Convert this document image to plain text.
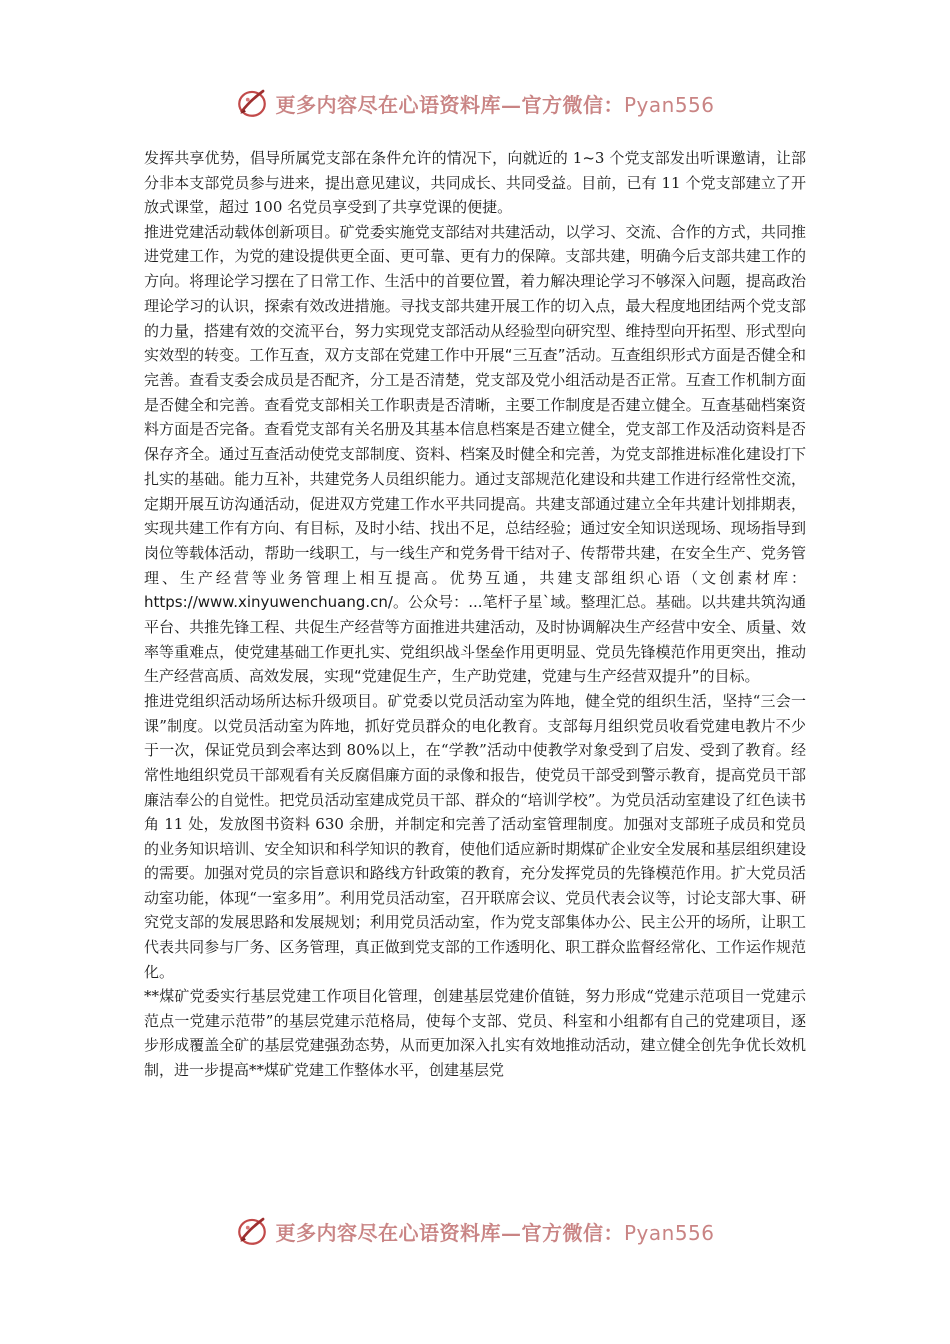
更多内容尽在心语资料库—官方微信：Pyan556

发挥共享优势，倡导所属党支部在条件允许的情况下，向就近的 1~3 个党支部发出听课邀请，让部分非本支部党员参与进来，提出意见建议，共同成长、共同受益。目前，已有 11 个党支部建立了开放式课堂，超过 100 名党员享受到了共享党课的便捷。

推进党建活动载体创新项目。矿党委实施党支部结对共建活动，以学习、交流、合作的方式，共同推进党建工作，为党的建设提供更全面、更可靠、更有力的保障。支部共建，明确今后支部共建工作的方向。将理论学习摆在了日常工作、生活中的首要位置，着力解决理论学习不够深入问题，提高政治理论学习的认识，探索有效改进措施。寻找支部共建开展工作的切入点，最大程度地团结两个党支部的力量，搭建有效的交流平台，努力实现党支部活动从经验型向研究型、维持型向开拓型、形式型向实效型的转变。工作互查，双方支部在党建工作中开展“三互查”活动。互查组织形式方面是否健全和完善。查看支委会成员是否配齐，分工是否清楚，党支部及党小组活动是否正常。互查工作机制方面是否健全和完善。查看党支部相关工作职责是否清晰，主要工作制度是否建立健全。互查基础档案资料方面是否完备。查看党支部有关名册及其基本信息档案是否建立健全，党支部工作及活动资料是否保存齐全。通过互查活动使党支部制度、资料、档案及时健全和完善，为党支部推进标准化建设打下扎实的基础。能力互补，共建党务人员组织能力。通过支部规范化建设和共建工作进行经常性交流，定期开展互访沟通活动，促进双方党建工作水平共同提高。共建支部通过建立全年共建计划排期表，实现共建工作有方向、有目标，及时小结、找出不足，总结经验；通过安全知识送现场、现场指导到岗位等载体活动，帮助一线职工，与一线生产和党务骨干结对子、传帮带共建，在安全生产、党务管理、生产经营等业务管理上相互提高。优势互通，共建支部组织心语（文创素材库：https://www.xinyuwenchuang.cn/。公众号：...笔杆子星`域。整理汇总。基础。以共建共筑沟通平台、共推先锋工程、共促生产经营等方面推进共建活动，及时协调解决生产经营中安全、质量、效率等重难点，使党建基础工作更扎实、党组织战斗堡垒作用更明显、党员先锋模范作用更突出，推动生产经营高质、高效发展，实现“党建促生产，生产助党建，党建与生产经营双提升”的目标。

推进党组织活动场所达标升级项目。矿党委以党员活动室为阵地，健全党的组织生活，坚持“三会一课”制度。以党员活动室为阵地，抓好党员群众的电化教育。支部每月组织党员收看党建电教片不少于一次，保证党员到会率达到 80%以上，在“学教”活动中使教学对象受到了启发、受到了教育。经常性地组织党员干部观看有关反腐倡廉方面的录像和报告，使党员干部受到警示教育，提高党员干部廉洁奉公的自觉性。把党员活动室建成党员干部、群众的“培训学校”。为党员活动室建设了红色读书角 11 处，发放图书资料 630 余册，并制定和完善了活动室管理制度。加强对支部班子成员和党员的业务知识培训、安全知识和科学知识的教育，使他们适应新时期煤矿企业安全发展和基层组织建设的需要。加强对党员的宗旨意识和路线方针政策的教育，充分发挥党员的先锋模范作用。扩大党员活动室功能，体现“一室多用”。利用党员活动室，召开联席会议、党员代表会议等，讨论支部大事、研究党支部的发展思路和发展规划；利用党员活动室，作为党支部集体办公、民主公开的场所，让职工代表共同参与厂务、区务管理，真正做到党支部的工作透明化、职工群众监督经常化、工作运作规范化。

**煤矿党委实行基层党建工作项目化管理，创建基层党建价值链，努力形成“党建示范项目一党建示范点一党建示范带”的基层党建示范格局，使每个支部、党员、科室和小组都有自己的党建项目，逐步形成覆盖全矿的基层党建强劲态势，从而更加深入扎实有效地推动活动，建立健全创先争优长效机制，进一步提高**煤矿党建工作整体水平，创建基层党

更多内容尽在心语资料库—官方微信：Pyan556
